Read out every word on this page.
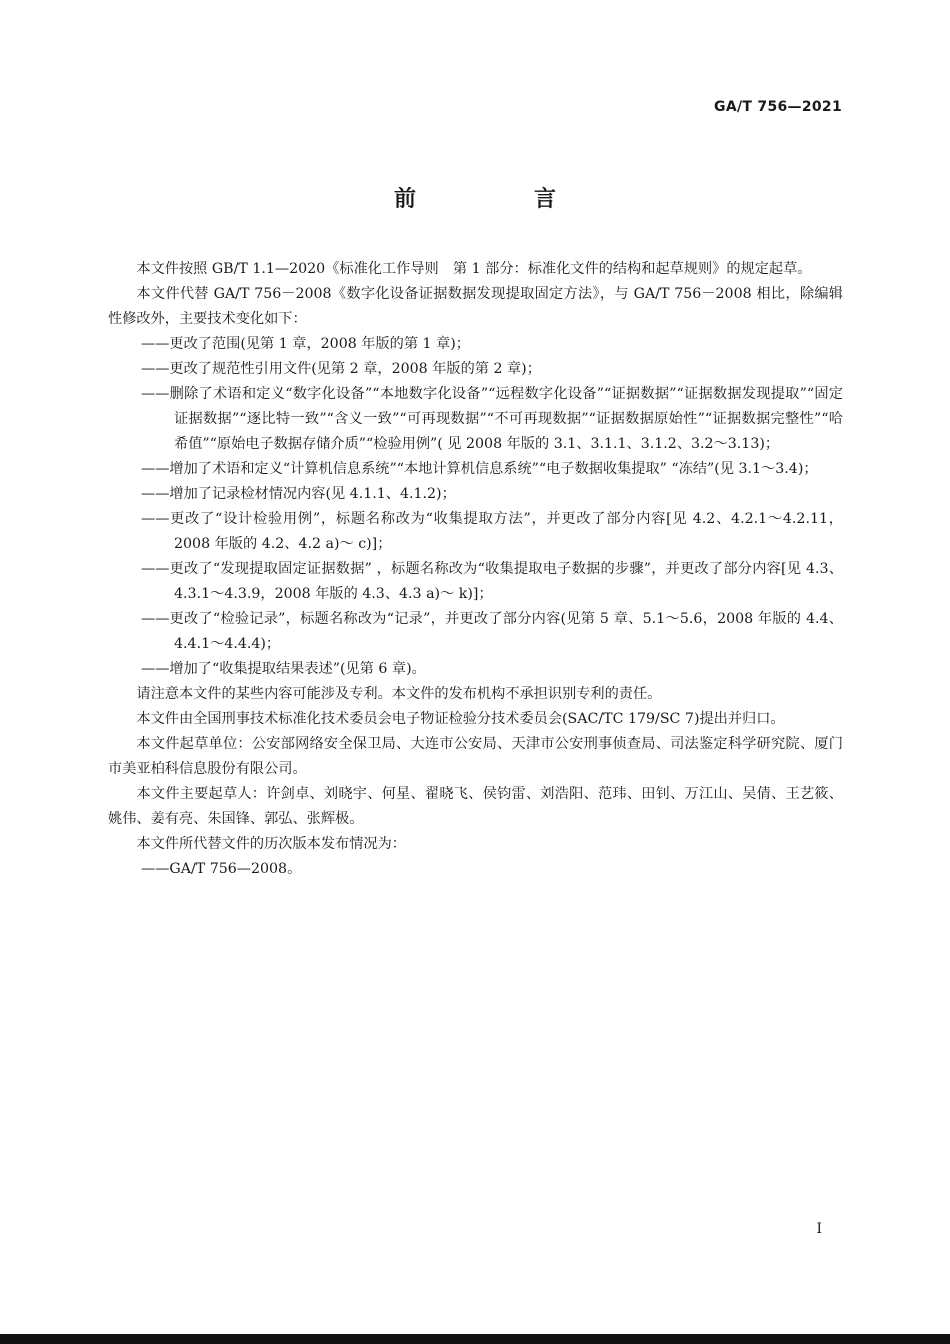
GA/T 756—2021
前　言

本文件按照 GB/T 1.1—2020《标准化工作导则　第 1 部分：标准化文件的结构和起草规则》的规定起草。

本文件代替 GA/T 756－2008《数字化设备证据数据发现提取固定方法》，与 GA/T 756－2008 相比，除编辑性修改外，主要技术变化如下：

——更改了范围(见第 1 章，2008 年版的第 1 章)；

——更改了规范性引用文件(见第 2 章，2008 年版的第 2 章)；

——删除了术语和定义“数字化设备”“本地数字化设备”“远程数字化设备”“证据数据”“证据数据发现提取”“固定证据数据”“逐比特一致”“含义一致”“可再现数据”“不可再现数据”“证据数据原始性”“证据数据完整性”“哈希值”“原始电子数据存储介质”“检验用例”( 见 2008 年版的 3.1、3.1.1、3.1.2、3.2～3.13)；

——增加了术语和定义“计算机信息系统”“本地计算机信息系统”“电子数据收集提取” “冻结”(见 3.1～3.4)；

——增加了记录检材情况内容(见 4.1.1、4.1.2)；

——更改了“设计检验用例”，标题名称改为“收集提取方法”，并更改了部分内容[见 4.2、4.2.1～4.2.11，2008 年版的 4.2、4.2 a)～ c)]；

——更改了“发现提取固定证据数据” ，标题名称改为“收集提取电子数据的步骤”，并更改了部分内容[见 4.3、4.3.1～4.3.9，2008 年版的 4.3、4.3 a)～ k)]；

——更改了“检验记录”，标题名称改为“记录”，并更改了部分内容(见第 5 章、5.1～5.6，2008 年版的 4.4、4.4.1～4.4.4)；

——增加了“收集提取结果表述”(见第 6 章)。

请注意本文件的某些内容可能涉及专利。本文件的发布机构不承担识别专利的责任。

本文件由全国刑事技术标准化技术委员会电子物证检验分技术委员会(SAC/TC 179/SC 7)提出并归口。

本文件起草单位：公安部网络安全保卫局、大连市公安局、天津市公安刑事侦查局、司法鉴定科学研究院、厦门市美亚柏科信息股份有限公司。

本文件主要起草人：许剑卓、刘晓宇、何星、翟晓飞、侯钧雷、刘浩阳、范玮、田钊、万江山、吴倩、王艺筱、姚伟、姜有亮、朱国锋、郭弘、张辉极。

本文件所代替文件的历次版本发布情况为：

——GA/T 756—2008。

I
